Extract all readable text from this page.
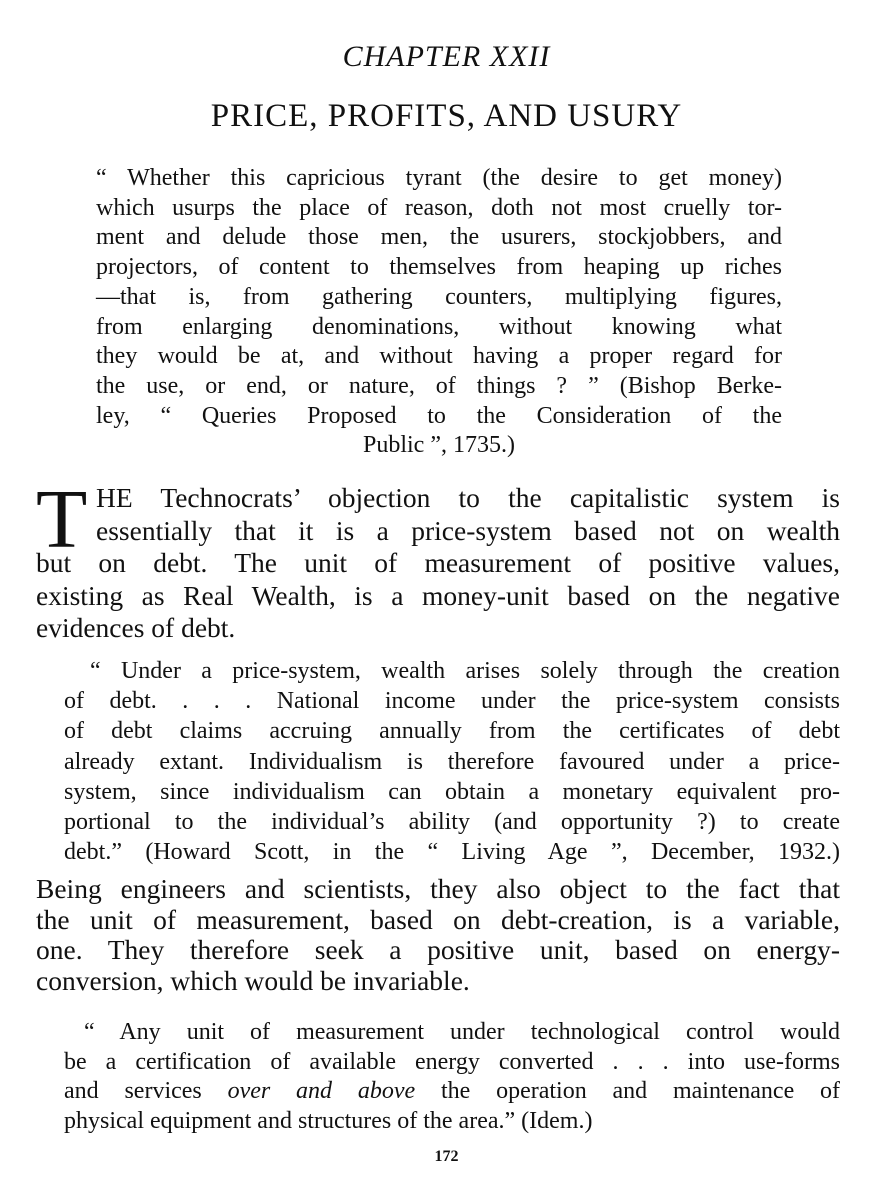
CHAPTER XXII
PRICE, PROFITS, AND USURY
“ Whether this capricious tyrant (the desire to get money)
which usurps the place of reason, doth not most cruelly tor-
ment and delude those men, the usurers, stockjobbers, and
projectors, of content to themselves from heaping up riches
—that is, from gathering counters, multiplying figures,
from enlarging denominations, without knowing what
they would be at, and without having a proper regard for
the use, or end, or nature, of things ? ” (Bishop Berke-
ley, “ Queries Proposed to the Consideration of the
Public ”, 1735.)
T HE Technocrats’ objection to the capitalistic system is
essentially that it is a price-system based not on wealth
but on debt. The unit of measurement of positive values,
existing as Real Wealth, is a money-unit based on the negative
evidences of debt.
“ Under a price-system, wealth arises solely through the creation
of debt. . . . National income under the price-system consists
of debt claims accruing annually from the certificates of debt
already extant. Individualism is therefore favoured under a price-
system, since individualism can obtain a monetary equivalent pro-
portional to the individual’s ability (and opportunity ?) to create
debt.” (Howard Scott, in the “ Living Age ”, December, 1932.)
Being engineers and scientists, they also object to the fact that
the unit of measurement, based on debt-creation, is a variable,
one. They therefore seek a positive unit, based on energy-
conversion, which would be invariable.
“ Any unit of measurement under technological control would
be a certification of available energy converted . . . into use-forms
and services over and above the operation and maintenance of
physical equipment and structures of the area.” (Idem.)
172
